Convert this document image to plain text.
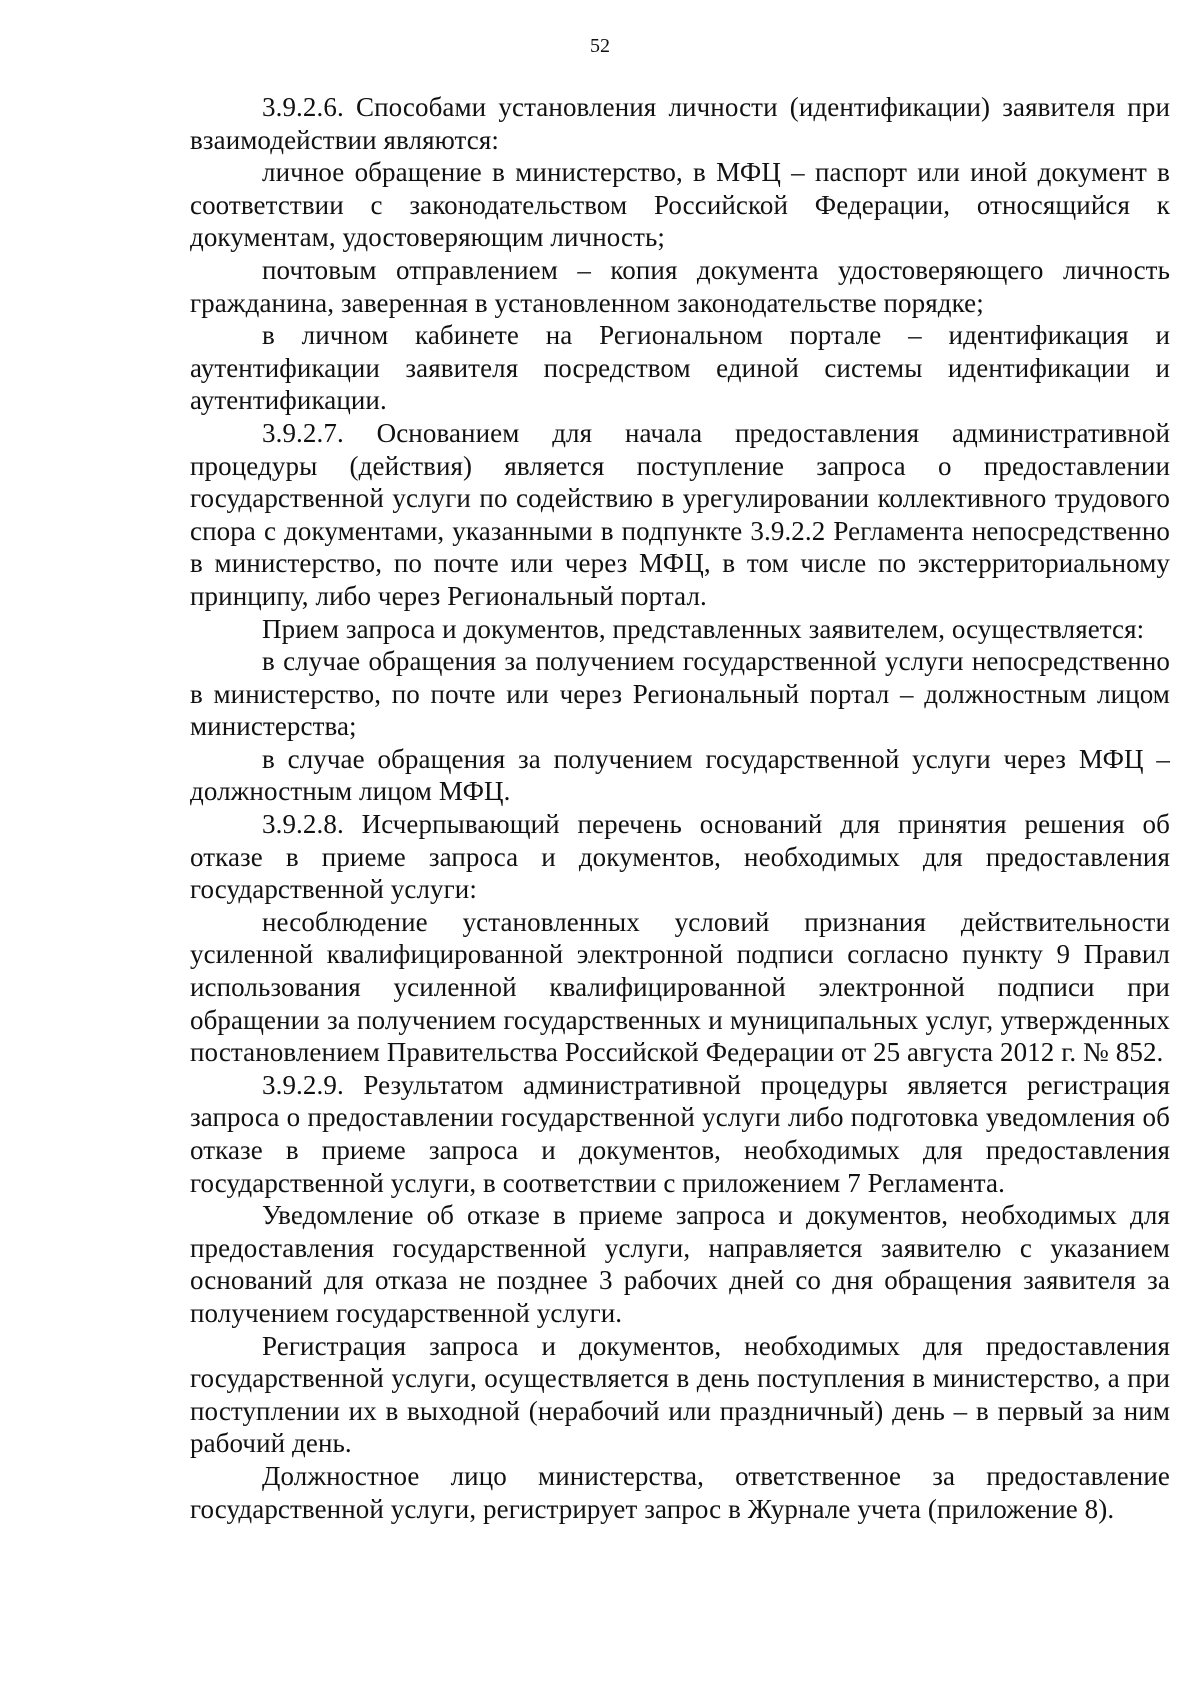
52

3.9.2.6. Способами установления личности (идентификации) заявителя при взаимодействии являются:

личное обращение в министерство, в МФЦ – паспорт или иной документ в соответствии с законодательством Российской Федерации, относящийся к документам, удостоверяющим личность;

почтовым отправлением – копия документа удостоверяющего личность гражданина, заверенная в установленном законодательстве порядке;

в личном кабинете на Региональном портале – идентификация и аутентификации заявителя посредством единой системы идентификации и аутентификации.

3.9.2.7. Основанием для начала предоставления административной процедуры (действия) является поступление запроса о предоставлении государственной услуги по содействию в урегулировании коллективного трудового спора с документами, указанными в подпункте 3.9.2.2 Регламента непосредственно в министерство, по почте или через МФЦ, в том числе по экстерриториальному принципу, либо через Региональный портал.

Прием запроса и документов, представленных заявителем, осуществляется:

в случае обращения за получением государственной услуги непосредственно в министерство, по почте или через Региональный портал – должностным лицом министерства;

в случае обращения за получением государственной услуги через МФЦ – должностным лицом МФЦ.

3.9.2.8. Исчерпывающий перечень оснований для принятия решения об отказе в приеме запроса и документов, необходимых для предоставления государственной услуги:

несоблюдение установленных условий признания действительности усиленной квалифицированной электронной подписи согласно пункту 9 Правил использования усиленной квалифицированной электронной подписи при обращении за получением государственных и муниципальных услуг, утвержденных постановлением Правительства Российской Федерации от 25 августа 2012 г. № 852.

3.9.2.9. Результатом административной процедуры является регистрация запроса о предоставлении государственной услуги либо подготовка уведомления об отказе в приеме запроса и документов, необходимых для предоставления государственной услуги, в соответствии с приложением 7 Регламента.

Уведомление об отказе в приеме запроса и документов, необходимых для предоставления государственной услуги, направляется заявителю с указанием оснований для отказа не позднее 3 рабочих дней со дня обращения заявителя за получением государственной услуги.

Регистрация запроса и документов, необходимых для предоставления государственной услуги, осуществляется в день поступления в министерство, а при поступлении их в выходной (нерабочий или праздничный) день – в первый за ним рабочий день.

Должностное лицо министерства, ответственное за предоставление государственной услуги, регистрирует запрос в Журнале учета (приложение 8).
